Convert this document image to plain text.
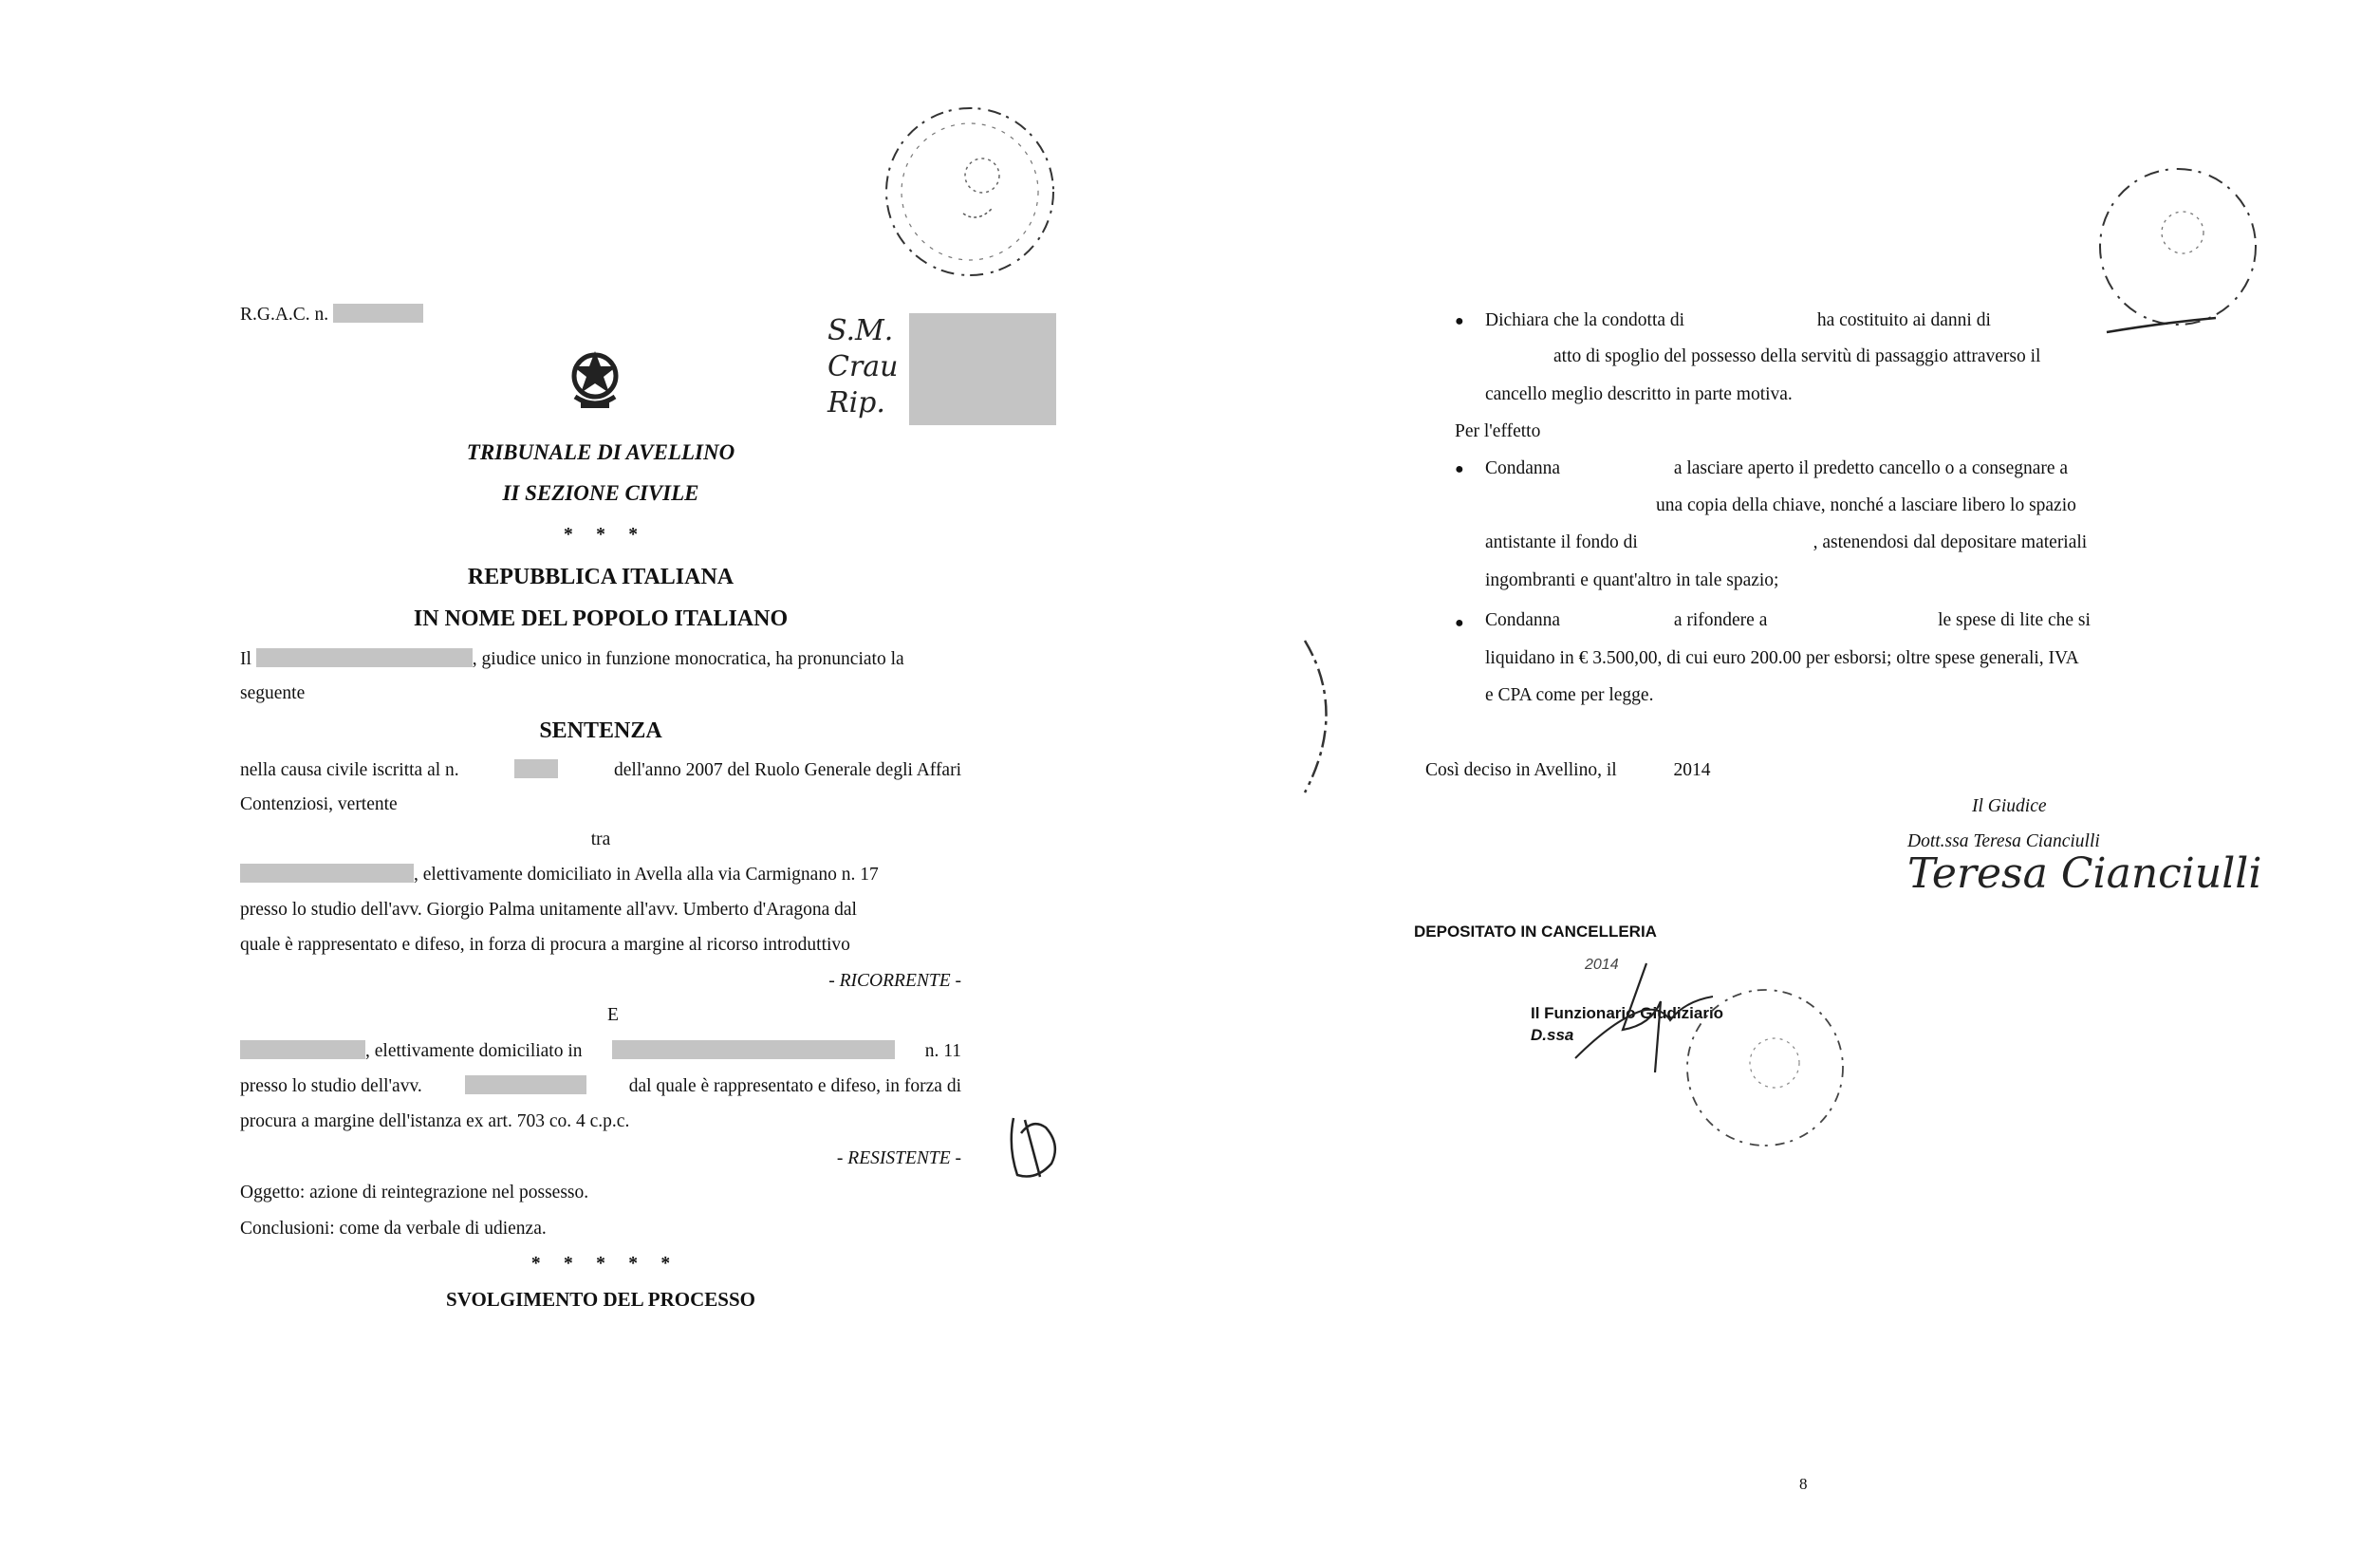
R.G.A.C. n.	S.M.
Crau
Rip.
TRIBUNALE DI AVELLINO
II SEZIONE CIVILE
*     *     *
REPUBBLICA ITALIANA
IN NOME DEL POPOLO ITALIANO
Il	, giudice unico in funzione monocratica, ha pronunciato la
seguente
SENTENZA
nella causa civile iscritta al n.	dell'anno 2007 del Ruolo Generale degli Affari
Contenziosi, vertente
tra
, elettivamente domiciliato in Avella alla via Carmignano n. 17
presso lo studio dell'avv. Giorgio Palma unitamente all'avv. Umberto d'Aragona dal
quale è rappresentato e difeso, in forza di procura a margine al ricorso introduttivo
- RICORRENTE -
E
, elettivamente domiciliato in	n. 11
presso lo studio dell'avv.	dal quale è rappresentato e difeso, in forza di
procura a margine dell'istanza ex art. 703 co. 4 c.p.c.
- RESISTENTE -
Oggetto: azione di reintegrazione nel possesso.
Conclusioni: come da verbale di udienza.
*     *     *     *     *
SVOLGIMENTO DEL PROCESSO
● Dichiara che la condotta di	ha costituito ai danni di
atto di spoglio del possesso della servitù di passaggio attraverso il
cancello meglio descritto in parte motiva.
Per l'effetto
● Condanna	a lasciare aperto il predetto cancello o a consegnare a
una copia della chiave, nonché a lasciare libero lo spazio
antistante il fondo di	, astenendosi dal depositare materiali
ingombranti e quant'altro in tale spazio;
● Condanna	a rifondere a	le spese di lite che si
liquidano in € 3.500,00, di cui euro 200.00 per esborsi; oltre spese generali, IVA
e CPA come per legge.
Così deciso in Avellino, il	2014
Il Giudice
Dott.ssa Teresa Cianciulli
Teresa Cianciulli
DEPOSITATO IN CANCELLERIA
2014
Il Funzionario Giudiziario
D.ssa
8
